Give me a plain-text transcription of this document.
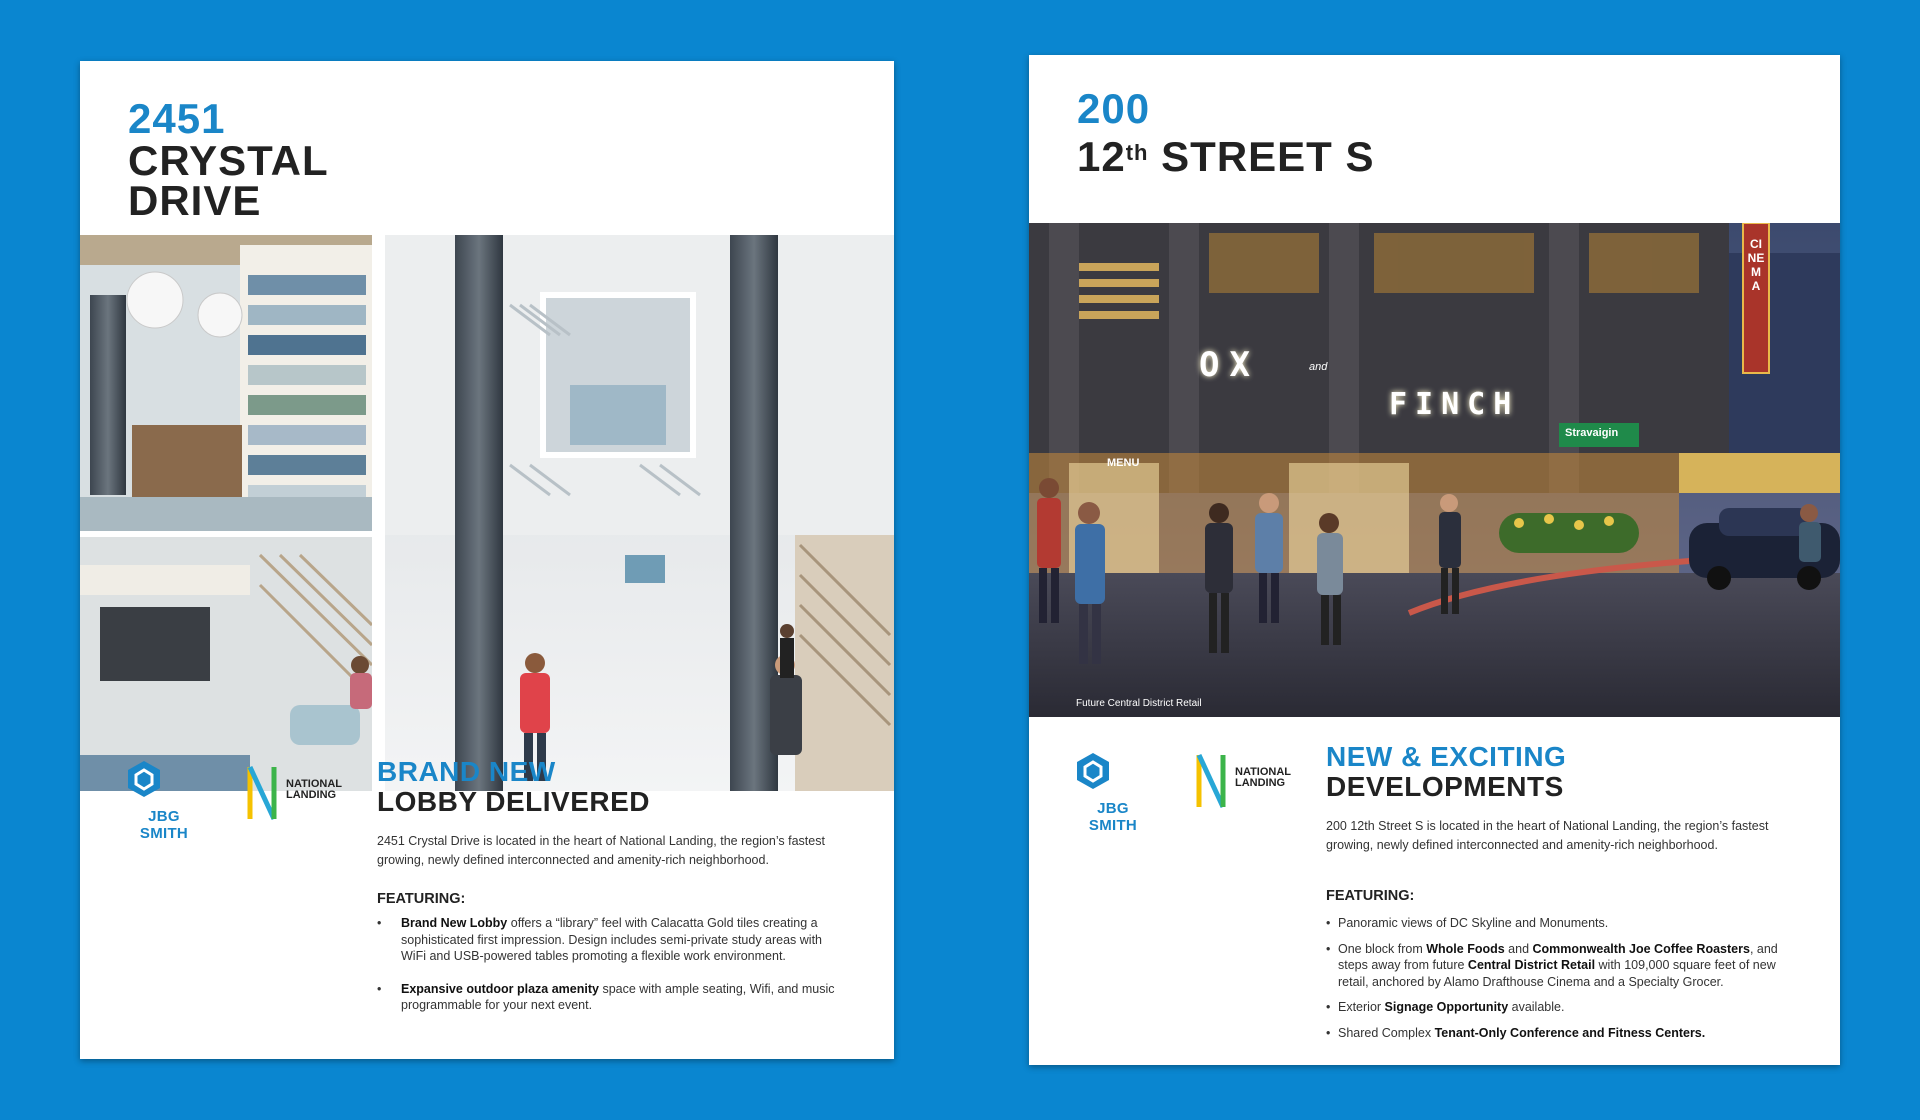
2451
CRYSTAL
DRIVE
JBG SMITH
NATIONAL
LANDING
BRAND NEW
LOBBY DELIVERED
2451 Crystal Drive is located in the heart of National Landing, the region’s fastest growing, newly defined interconnected and amenity-rich neighborhood.
FEATURING:
• Brand New Lobby offers a “library” feel with Calacatta Gold tiles creating a sophisticated first impression. Design includes semi-private study areas with WiFi and USB-powered tables promoting a flexible work environment.
• Expansive outdoor plaza amenity space with ample seating, Wifi, and music programmable for your next event.
200
12th STREET S
OX	and
FINCH
Stravaigin
CINEMA
MENU
Future Central District Retail
JBG SMITH
NATIONAL
LANDING
NEW & EXCITING
DEVELOPMENTS
200 12th Street S is located in the heart of National Landing, the region’s fastest growing, newly defined interconnected and amenity-rich neighborhood.
FEATURING:
• Panoramic views of DC Skyline and Monuments.
• One block from Whole Foods and Commonwealth Joe Coffee Roasters, and steps away from future Central District Retail with 109,000 square feet of new retail, anchored by Alamo Drafthouse Cinema and a Specialty Grocer.
• Exterior Signage Opportunity available.
• Shared Complex Tenant-Only Conference and Fitness Centers.
